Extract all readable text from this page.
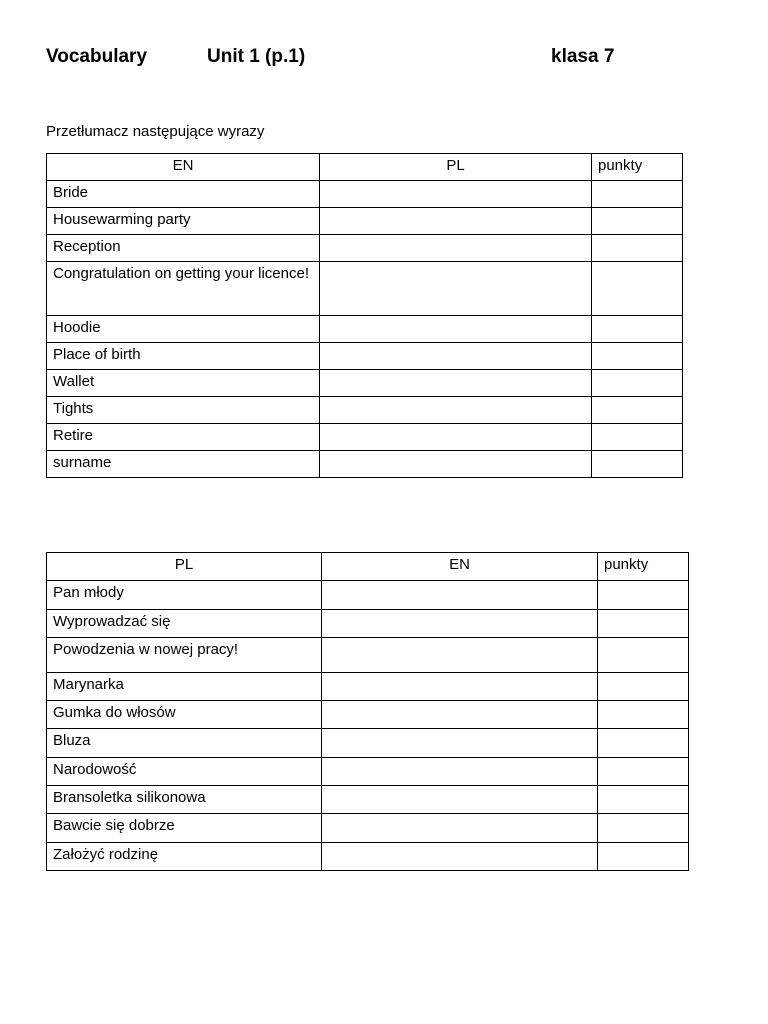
Vocabulary	Unit 1 (p.1)	klasa 7
Przetłumacz następujące wyrazy
EN	PL	punkty
Bride		
Housewarming party		
Reception		
Congratulation on getting your licence!		
Hoodie		
Place of birth		
Wallet		
Tights		
Retire		
surname		
PL	EN	punkty
Pan młody		
Wyprowadzać się		
Powodzenia w nowej pracy!		
Marynarka		
Gumka do włosów		
Bluza		
Narodowość		
Bransoletka silikonowa		
Bawcie się dobrze		
Założyć rodzinę		
